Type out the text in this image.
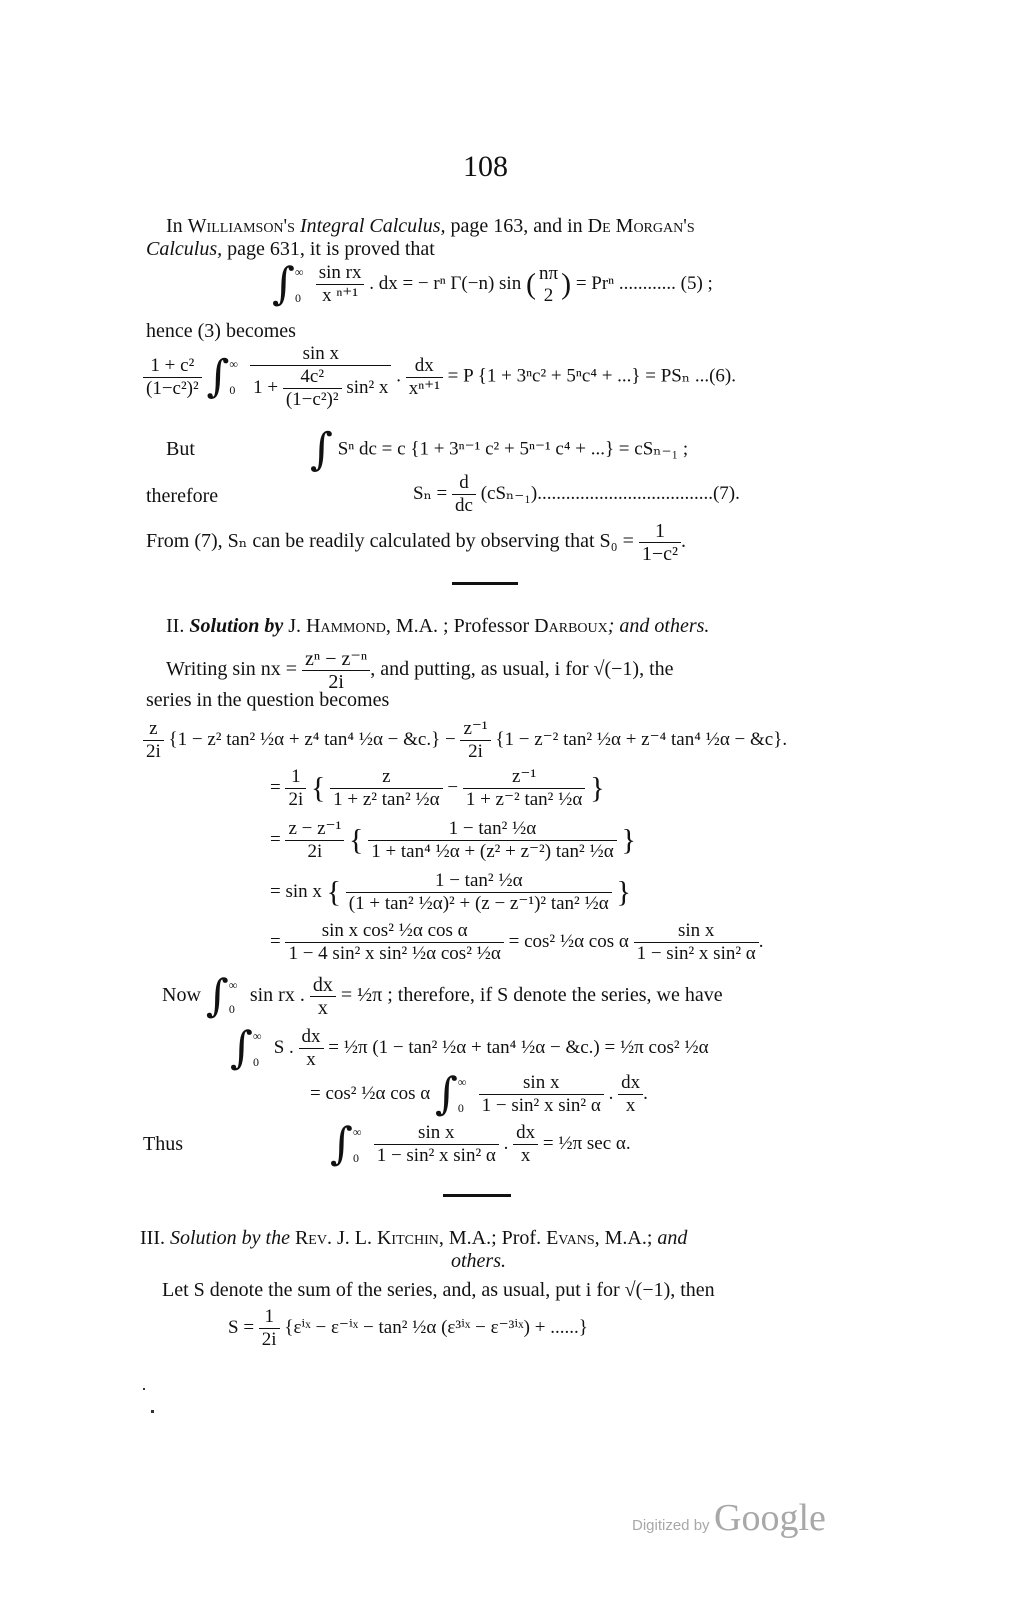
108
In Williamson's Integral Calculus, page 163, and in De Morgan's
Calculus, page 631, it is proved that
∫ ∞
0
$\frac{\text{sin rx}}{\text{x ⁿ⁺¹}}$ . dx = − rⁿ Γ(−n) sin ( nπ
2 ) = Prⁿ ............ (5) ;
hence (3) becomes
$\frac{\text{1 + c²}}{\text{(1−c²)²}}$ ∫ ∞
0
$\frac{\text{sin x}}{1 + \frac{\text{4c²}}{\text{(1−c²)²}} \sin^2 x}$ . $\frac{dx}{\text{xⁿ⁺¹}} = P$ {1 + 3ⁿc² + 5ⁿc⁴ + ...} = PSₙ ...(6).
But	∫ Sⁿ dc = c {1 + 3ⁿ⁻¹ c² + 5ⁿ⁻¹ c⁴ + ...} = cSₙ₋₁ ;
therefore	$S_n = \frac{d}{dc} (cS_{n-1}).....................................(7)$.
From (7), Sₙ can be readily calculated by observing that $S_0 = \frac{1}{\text{1−c²}}$ .
II. Solution by J. Hammond, M.A. ; Professor Darboux; and others.
Writing sin nx = $\frac{\text{zⁿ − z⁻ⁿ}}{2i}$ , and putting, as usual, i for √(−1), the
series in the question becomes
$\frac{z}{2i} \{1 - z^2$ tan² ½α + z⁴ tan⁴ ½α − &c.} − $\frac{\text{z⁻¹}}{2i} \{1 - z^{-2}$ tan² ½α + z⁻⁴ tan⁴ ½α − &c}.
= $\frac{1}{2i}$ { $\frac{z}{\text{1 + z² tan² ½α}} - \frac{\text{z⁻¹}}{\text{1 + z⁻² tan² ½α}}$ }
= $\frac{\text{z − z⁻¹}}{2i}$ { $\frac{\text{1 − tan² ½α}}{\text{1 + tan⁴ ½α + (z² + z⁻²) tan² ½α}}$ }
= sin x { $\frac{\text{1 − tan² ½α}}{\text{(1 + tan² ½α)² + (z − z⁻¹)² tan² ½α}}$ }
= $\frac{\text{sin x cos² ½α cos α}}{\text{1 − 4 sin² x sin² ½α cos² ½α}} = \cos^2$ ½α cos α $\frac{\text{sin x}}{\text{1 − sin² x sin² α}}$ .
Now ∫ ∞
0
sin rx . $\frac{dx}{x}$ = ½π ; therefore, if S denote the series, we have
∫ ∞
0
S . $\frac{dx}{x}$ = ½π (1 − tan² ½α + tan⁴ ½α − &c.) = ½π cos² ½α
= cos² ½α cos α ∫ ∞
0
$\frac{\text{sin x}}{\text{1 − sin² x sin² α}}$ . $\frac{dx}{x}$ .
Thus	∫ ∞
0
$\frac{\text{sin x}}{\text{1 − sin² x sin² α}}$ . $\frac{dx}{x}$ = ½π sec α.
III. Solution by the Rev. J. L. Kitchin, M.A.; Prof. Evans, M.A.; and
others.
Let S denote the sum of the series, and, as usual, put i for √(−1), then
$S = \frac{1}{2i}$ {εⁱˣ − ε⁻ⁱˣ − tan² ½α (ε³ⁱˣ − ε⁻³ⁱˣ) + ......}
Digitized by Google
